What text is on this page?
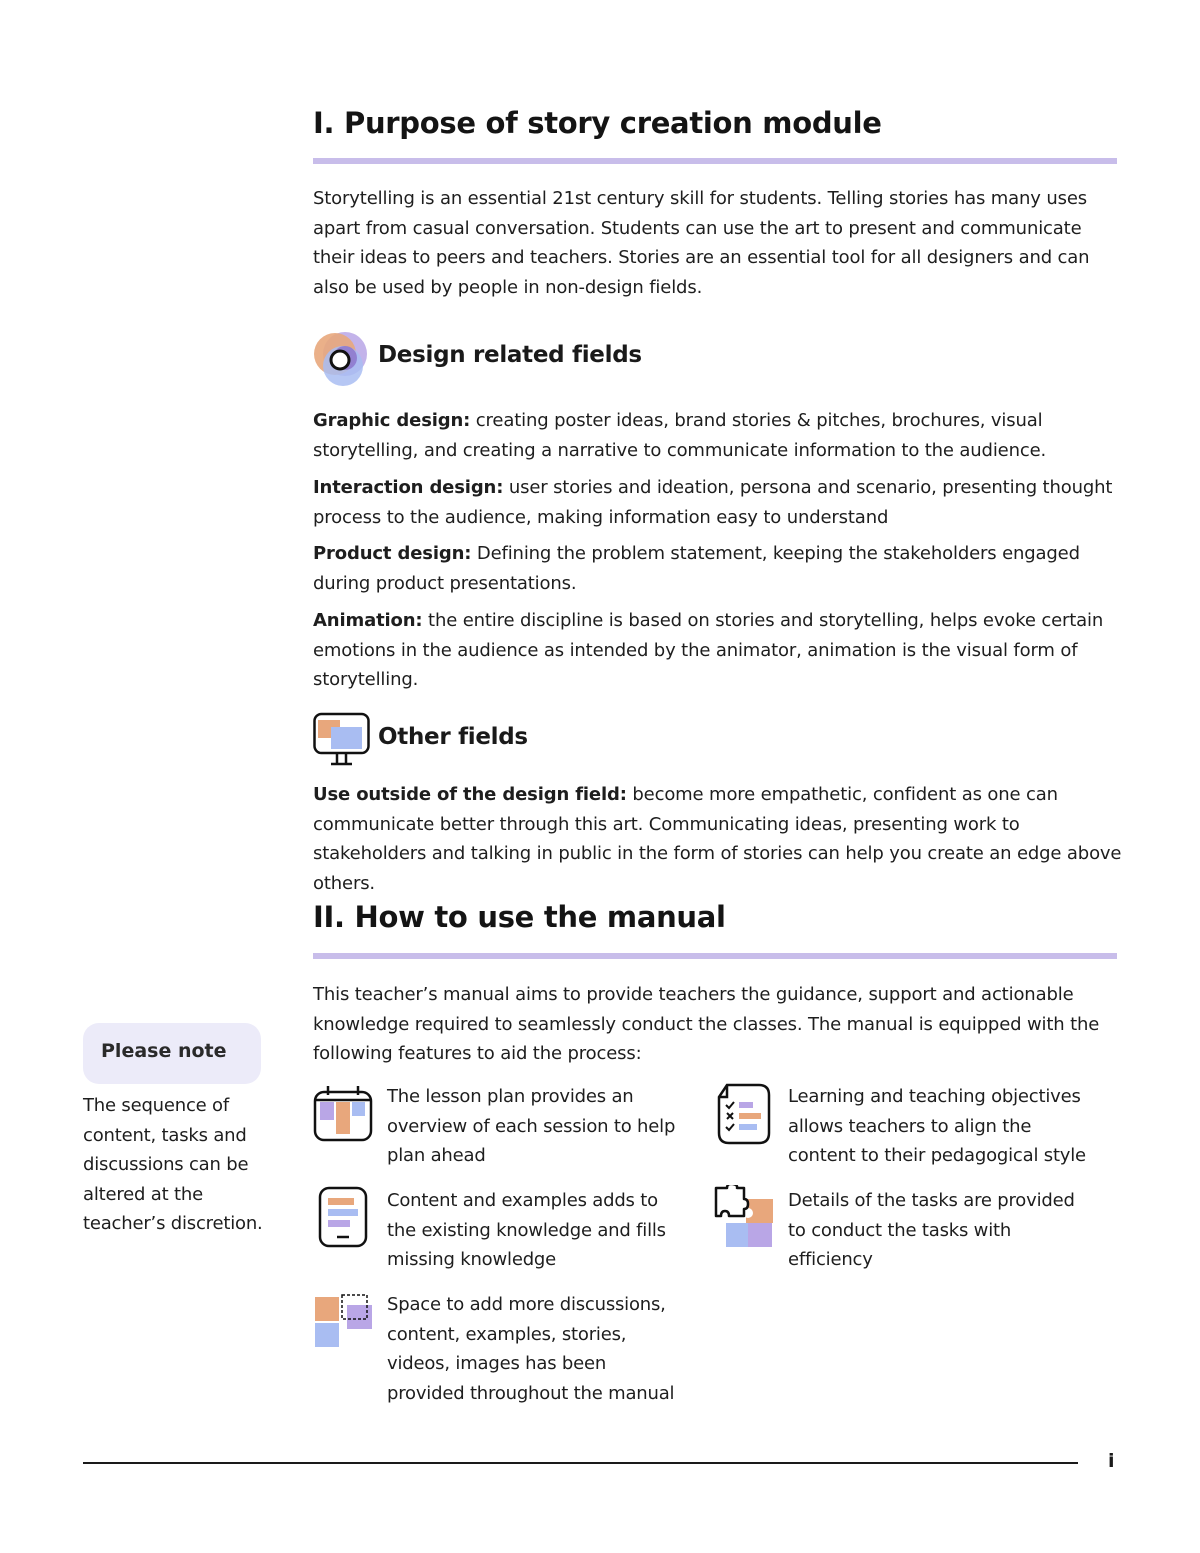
I. Purpose of story creation module

Storytelling is an essential 21st century skill for students. Telling stories has many uses apart from casual conversation. Students can use the art to present and communicate their ideas to peers and teachers. Stories are an essential tool for all designers and can also be used by people in non-design fields.

Design related fields

Graphic design: creating poster ideas, brand stories & pitches, brochures, visual storytelling, and creating a narrative to communicate information to the audience.

Interaction design: user stories and ideation, persona and scenario, presenting thought process to the audience, making information easy to understand

Product design: Defining the problem statement, keeping the stakeholders engaged during product presentations.

Animation: the entire discipline is based on stories and storytelling, helps evoke certain emotions in the audience as intended by the animator, animation is the visual form of storytelling.

Other fields

Use outside of the design field: become more empathetic, confident as one can communicate better through this art. Communicating ideas, presenting work to stakeholders and talking in public in the form of stories can help you create an edge above others.

II. How to use the manual

This teacher’s manual aims to provide teachers the guidance, support and actionable knowledge required to seamlessly conduct the classes. The manual is equipped with the following features to aid the process:

The lesson plan provides an overview of each session to help plan ahead

Learning and teaching objectives allows teachers to align the content to their pedagogical style

Content and examples adds to the existing knowledge and fills missing knowledge

Details of the tasks are provided to conduct the tasks with efficiency

Space to add more discussions, content, examples, stories, videos, images has been provided throughout the manual

Please note

The sequence of content, tasks and discussions can be altered at the teacher’s discretion.

i
